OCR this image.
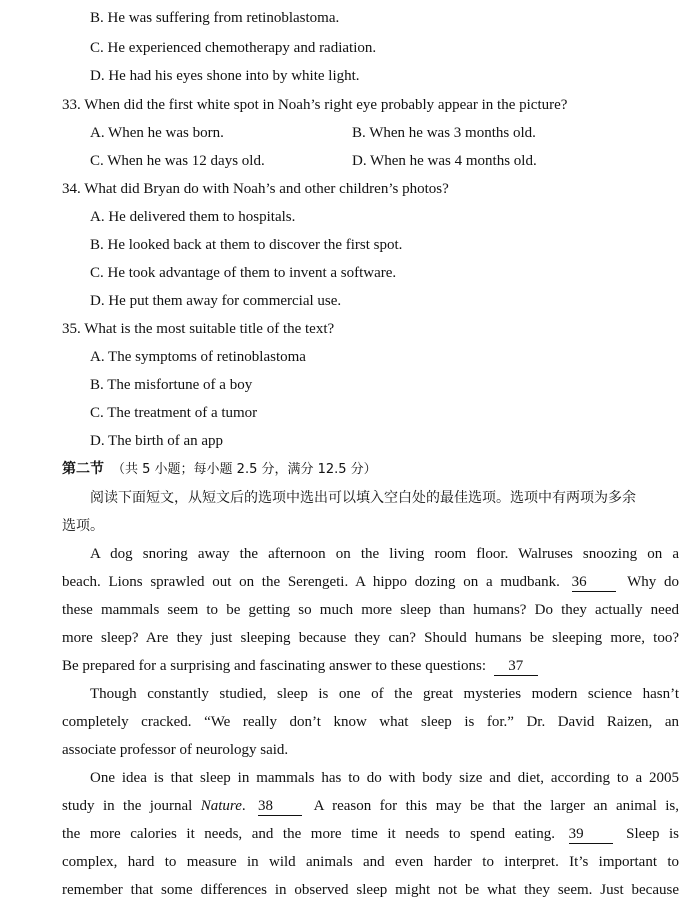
B. He was suffering from retinoblastoma.
C. He experienced chemotherapy and radiation.
D. He had his eyes shone into by white light.
33. When did the first white spot in Noah’s right eye probably appear in the picture?
A. When he was born.	B. When he was 3 months old.
C. When he was 12 days old.	D. When he was 4 months old.
34. What did Bryan do with Noah’s and other children’s photos?
A. He delivered them to hospitals.
B. He looked back at them to discover the first spot.
C. He took advantage of them to invent a software.
D. He put them away for commercial use.
35. What is the most suitable title of the text?
A. The symptoms of retinoblastoma
B. The misfortune of a boy
C. The treatment of a tumor
D. The birth of an app
第二节 （共 5 小题；每小题 2.5 分，满分 12.5 分）
阅读下面短文，从短文后的选项中选出可以填入空白处的最佳选项。选项中有两项为多余
选项。
A dog snoring away the afternoon on the living room floor. Walruses snoozing on a
beach. Lions sprawled out on the Serengeti. A hippo dozing on a mudbank. 36	Why do
these mammals seem to be getting so much more sleep than humans? Do they actually need
more sleep? Are they just sleeping because they can? Should humans be sleeping more, too?
Be prepared for a surprising and fascinating answer to these questions: 37
Though constantly studied, sleep is one of the great mysteries modern science hasn’t
completely cracked. “We really don’t know what sleep is for.” Dr. David Raizen, an
associate professor of neurology said.
One idea is that sleep in mammals has to do with body size and diet, according to a 2005
study in the journal Nature. 38	A reason for this may be that the larger an animal is,
the more calories it needs, and the more time it needs to spend eating. 39	Sleep is
complex, hard to measure in wild animals and even harder to interpret. It’s important to
remember that some differences in observed sleep might not be what they seem. Just because
